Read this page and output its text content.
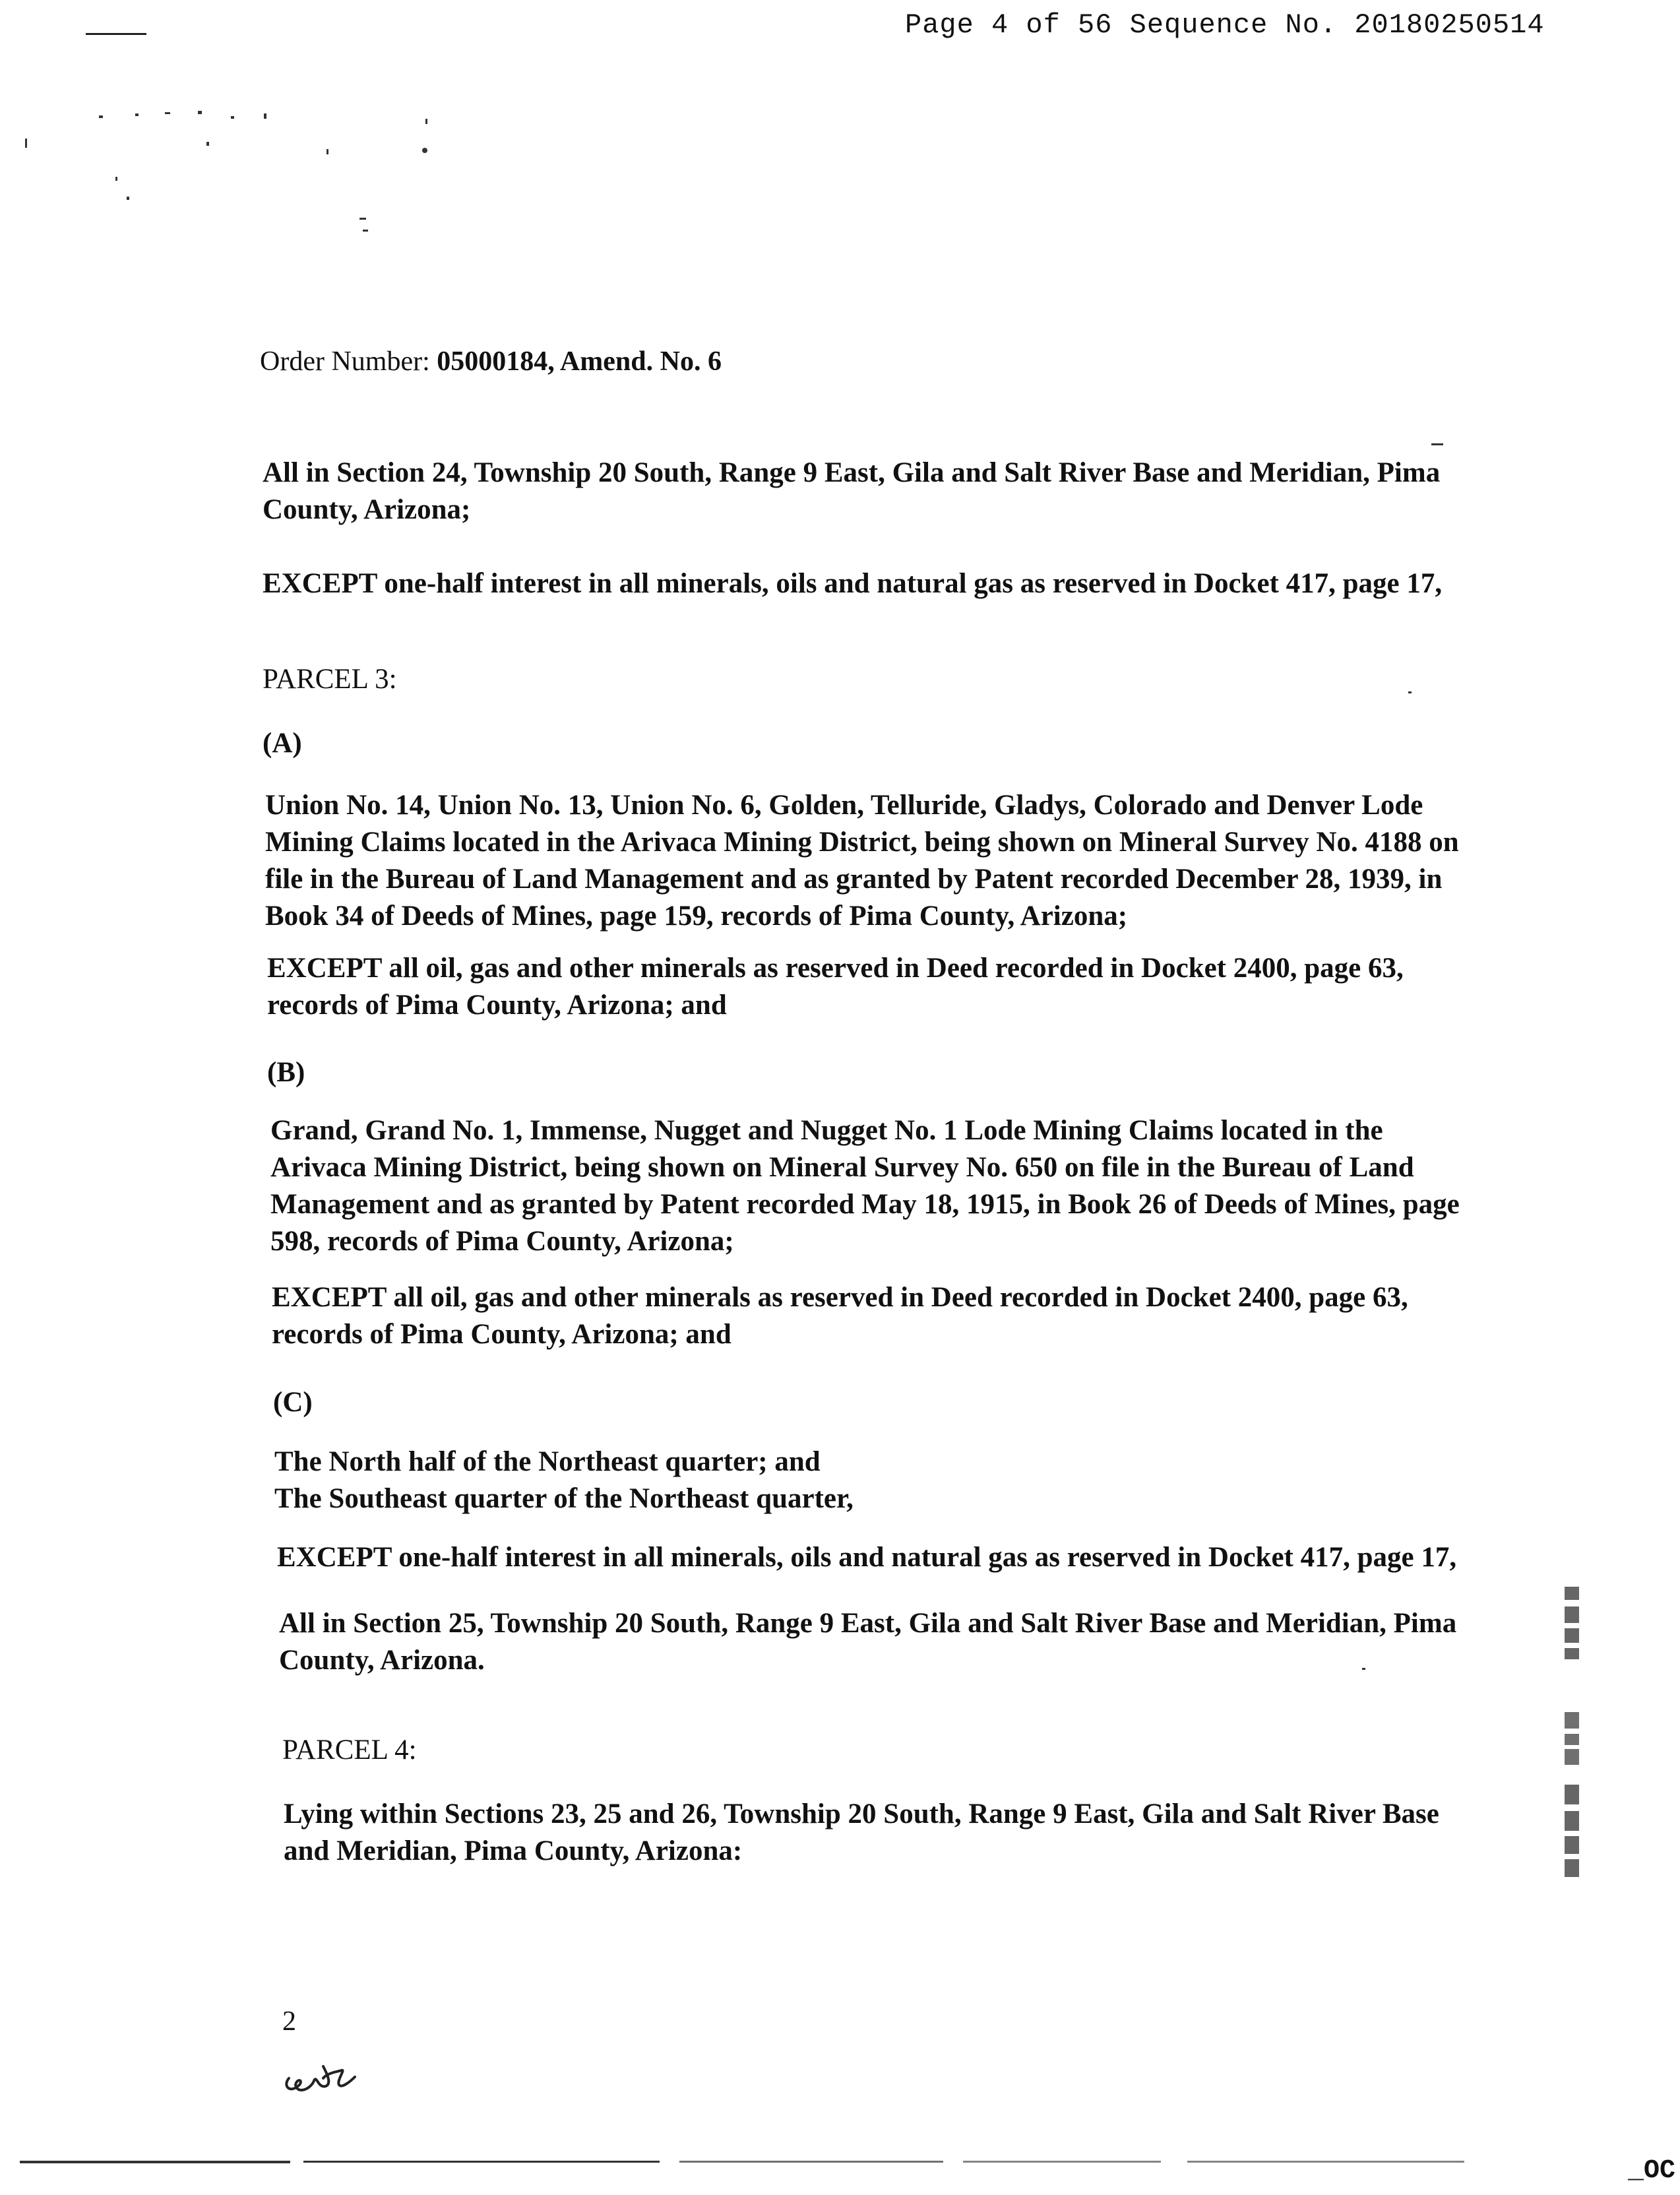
Page 4 of 56 Sequence No. 20180250514
Order Number: 05000184, Amend. No. 6
All in Section 24, Township 20 South, Range 9 East, Gila and Salt River Base and Meridian, Pima
County, Arizona;
EXCEPT one-half interest in all minerals, oils and natural gas as reserved in Docket 417, page 17,
PARCEL 3:
(A)
Union No. 14, Union No. 13, Union No. 6, Golden, Telluride, Gladys, Colorado and Denver Lode
Mining Claims located in the Arivaca Mining District, being shown on Mineral Survey No. 4188 on
file in the Bureau of Land Management and as granted by Patent recorded December 28, 1939, in
Book 34 of Deeds of Mines, page 159, records of Pima County, Arizona;
EXCEPT all oil, gas and other minerals as reserved in Deed recorded in Docket 2400, page 63,
records of Pima County, Arizona; and
(B)
Grand, Grand No. 1, Immense, Nugget and Nugget No. 1 Lode Mining Claims located in the
Arivaca Mining District, being shown on Mineral Survey No. 650 on file in the Bureau of Land
Management and as granted by Patent recorded May 18, 1915, in Book 26 of Deeds of Mines, page
598, records of Pima County, Arizona;
EXCEPT all oil, gas and other minerals as reserved in Deed recorded in Docket 2400, page 63,
records of Pima County, Arizona; and
(C)
The North half of the Northeast quarter; and
The Southeast quarter of the Northeast quarter,
EXCEPT one-half interest in all minerals, oils and natural gas as reserved in Docket 417, page 17,
All in Section 25, Township 20 South, Range 9 East, Gila and Salt River Base and Meridian, Pima
County, Arizona.
PARCEL 4:
Lying within Sections 23, 25 and 26, Township 20 South, Range 9 East, Gila and Salt River Base
and Meridian, Pima County, Arizona:
2
_OC
